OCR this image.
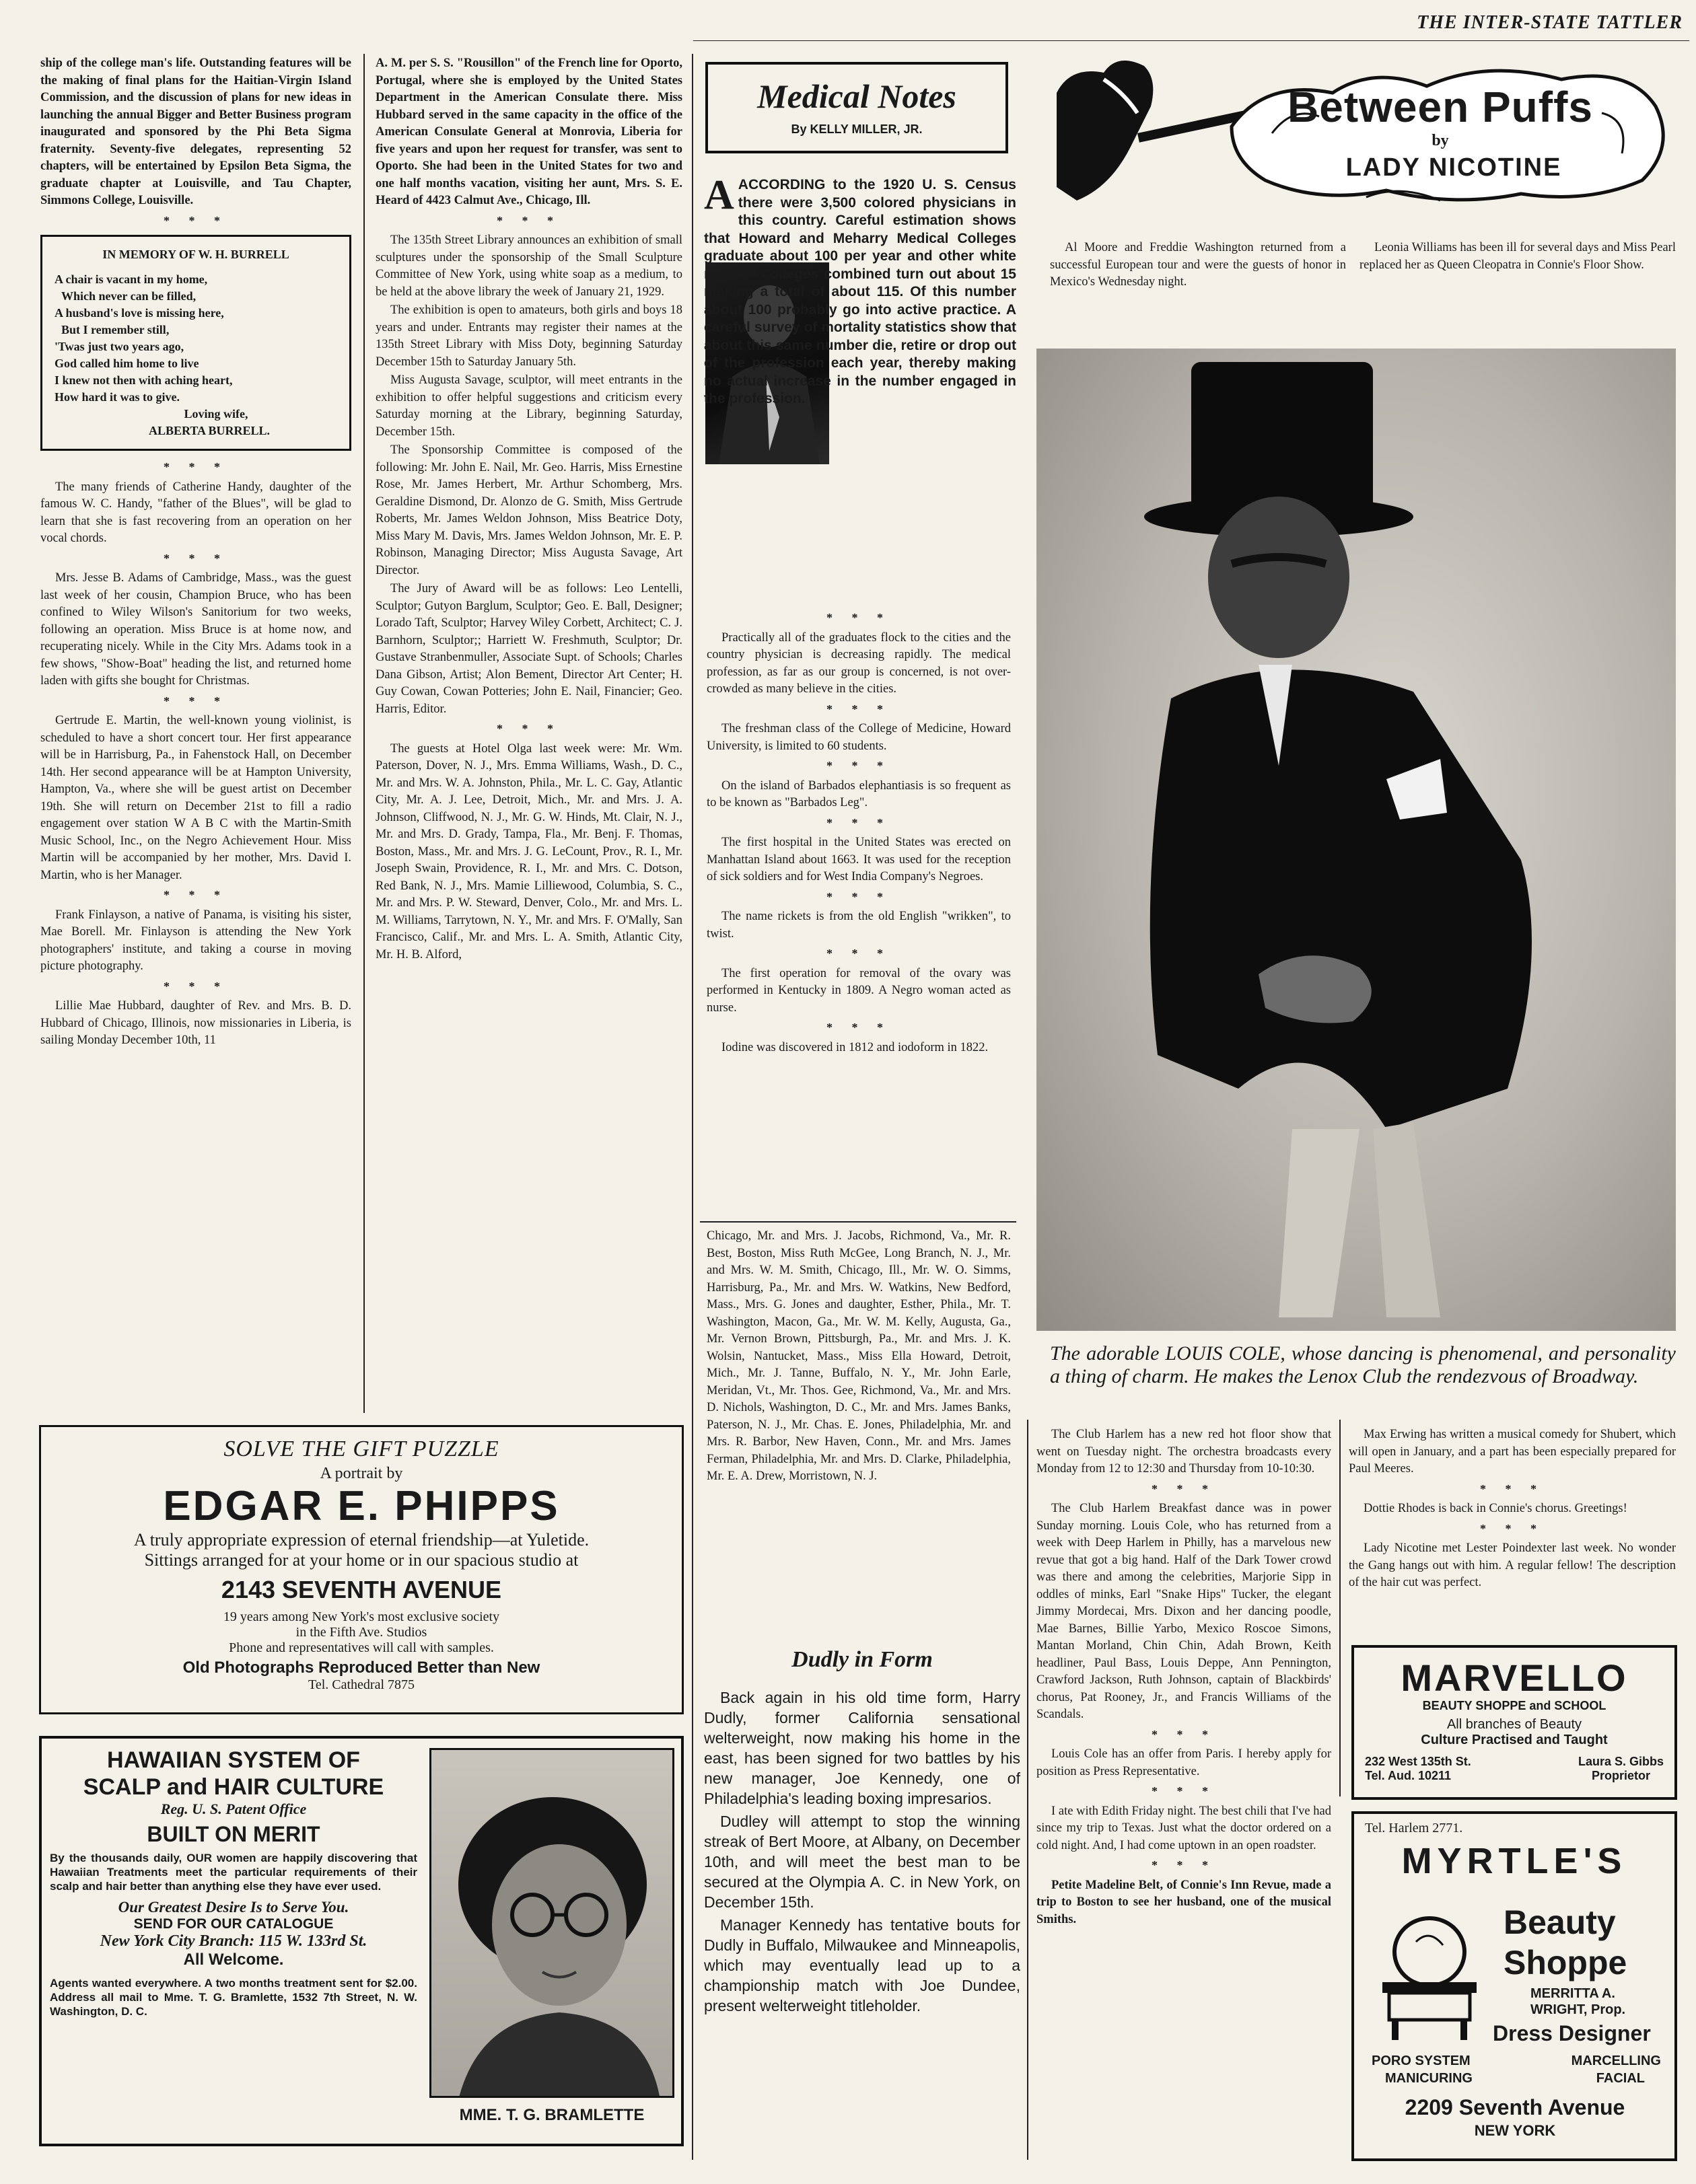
THE INTER-STATE TATTLER

ship of the college man's life. Outstanding features will be the making of final plans for the Haitian-Virgin Island Commission, and the discussion of plans for new ideas in launching the annual Bigger and Better Business program inaugurated and sponsored by the Phi Beta Sigma fraternity. Seventy-five delegates, representing 52 chapters, will be entertained by Epsilon Beta Sigma, the graduate chapter at Louisville, and Tau Chapter, Simmons College, Louisville.

* * *
IN MEMORY OF W. H. BURRELL
A chair is vacant in my home,
Which never can be filled,
A husband's love is missing here,
But I remember still,
'Twas just two years ago,
God called him home to live
I knew not then with aching heart,
How hard it was to give.
Loving wife,
ALBERTA BURRELL.
* * *

The many friends of Catherine Handy, daughter of the famous W. C. Handy, "father of the Blues", will be glad to learn that she is fast recovering from an operation on her vocal chords.

* * *

Mrs. Jesse B. Adams of Cambridge, Mass., was the guest last week of her cousin, Champion Bruce, who has been confined to Wiley Wilson's Sanitorium for two weeks, following an operation. Miss Bruce is at home now, and recuperating nicely. While in the City Mrs. Adams took in a few shows, "Show-Boat" heading the list, and returned home laden with gifts she bought for Christmas.

* * *

Gertrude E. Martin, the well-known young violinist, is scheduled to have a short concert tour. Her first appearance will be in Harrisburg, Pa., in Fahenstock Hall, on December 14th. Her second appearance will be at Hampton University, Hampton, Va., where she will be guest artist on December 19th. She will return on December 21st to fill a radio engagement over station W A B C with the Martin-Smith Music School, Inc., on the Negro Achievement Hour. Miss Martin will be accompanied by her mother, Mrs. David I. Martin, who is her Manager.

* * *

Frank Finlayson, a native of Panama, is visiting his sister, Mae Borell. Mr. Finlayson is attending the New York photographers' institute, and taking a course in moving picture photography.

* * *

Lillie Mae Hubbard, daughter of Rev. and Mrs. B. D. Hubbard of Chicago, Illinois, now missionaries in Liberia, is sailing Monday December 10th, 11

A. M. per S. S. "Rousillon" of the French line for Oporto, Portugal, where she is employed by the United States Department in the American Consulate there. Miss Hubbard served in the same capacity in the office of the American Consulate General at Monrovia, Liberia for five years and upon her request for transfer, was sent to Oporto. She had been in the United States for two and one half months vacation, visiting her aunt, Mrs. S. E. Heard of 4423 Calmut Ave., Chicago, Ill.

* * *

The 135th Street Library announces an exhibition of small sculptures under the sponsorship of the Small Sculpture Committee of New York, using white soap as a medium, to be held at the above library the week of January 21, 1929.

The exhibition is open to amateurs, both girls and boys 18 years and under. Entrants may register their names at the 135th Street Library with Miss Doty, beginning Saturday December 15th to Saturday January 5th.

Miss Augusta Savage, sculptor, will meet entrants in the exhibition to offer helpful suggestions and criticism every Saturday morning at the Library, beginning Saturday, December 15th.

The Sponsorship Committee is composed of the following: Mr. John E. Nail, Mr. Geo. Harris, Miss Ernestine Rose, Mr. James Herbert, Mr. Arthur Schomberg, Mrs. Geraldine Dismond, Dr. Alonzo de G. Smith, Miss Gertrude Roberts, Mr. James Weldon Johnson, Miss Beatrice Doty, Miss Mary M. Davis, Mrs. James Weldon Johnson, Mr. E. P. Robinson, Managing Director; Miss Augusta Savage, Art Director.

The Jury of Award will be as follows: Leo Lentelli, Sculptor; Gutyon Barglum, Sculptor; Geo. E. Ball, Designer; Lorado Taft, Sculptor; Harvey Wiley Corbett, Architect; C. J. Barnhorn, Sculptor;; Harriett W. Freshmuth, Sculptor; Dr. Gustave Stranbenmuller, Associate Supt. of Schools; Charles Dana Gibson, Artist; Alon Bement, Director Art Center; H. Guy Cowan, Cowan Potteries; John E. Nail, Financier; Geo. Harris, Editor.

* * *

The guests at Hotel Olga last week were: Mr. Wm. Paterson, Dover, N. J., Mrs. Emma Williams, Wash., D. C., Mr. and Mrs. W. A. Johnston, Phila., Mr. L. C. Gay, Atlantic City, Mr. A. J. Lee, Detroit, Mich., Mr. and Mrs. J. A. Johnson, Cliffwood, N. J., Mr. G. W. Hinds, Mt. Clair, N. J., Mr. and Mrs. D. Grady, Tampa, Fla., Mr. Benj. F. Thomas, Boston, Mass., Mr. and Mrs. J. G. LeCount, Prov., R. I., Mr. Joseph Swain, Providence, R. I., Mr. and Mrs. C. Dotson, Red Bank, N. J., Mrs. Mamie Lilliewood, Columbia, S. C., Mr. and Mrs. P. W. Steward, Denver, Colo., Mr. and Mrs. L. M. Williams, Tarrytown, N. Y., Mr. and Mrs. F. O'Mally, San Francisco, Calif., Mr. and Mrs. L. A. Smith, Atlantic City, Mr. H. B. Alford,

Medical Notes
By KELLY MILLER, JR.
A ACCORDING to the 1920 U. S. Census there were 3,500 colored physicians in this country. Careful estimation shows that Howard and Meharry Medical Colleges graduate about 100 per year and other white medical colleges combined turn out about 15 making a total of about 115. Of this number about 100 probably go into active practice. A careful survey of mortality statistics show that about this same number die, retire or drop out of the profession each year, thereby making no actual increase in the number engaged in the profession.
* * *

Practically all of the graduates flock to the cities and the country physician is decreasing rapidly. The medical profession, as far as our group is concerned, is not over-crowded as many believe in the cities.

* * *

The freshman class of the College of Medicine, Howard University, is limited to 60 students.

* * *

On the island of Barbados elephantiasis is so frequent as to be known as "Barbados Leg".

* * *

The first hospital in the United States was erected on Manhattan Island about 1663. It was used for the reception of sick soldiers and for West India Company's Negroes.

* * *

The name rickets is from the old English "wrikken", to twist.

* * *

The first operation for removal of the ovary was performed in Kentucky in 1809. A Negro woman acted as nurse.

* * *

Iodine was discovered in 1812 and iodoform in 1822.

Chicago, Mr. and Mrs. J. Jacobs, Richmond, Va., Mr. R. Best, Boston, Miss Ruth McGee, Long Branch, N. J., Mr. and Mrs. W. M. Smith, Chicago, Ill., Mr. W. O. Simms, Harrisburg, Pa., Mr. and Mrs. W. Watkins, New Bedford, Mass., Mrs. G. Jones and daughter, Esther, Phila., Mr. T. Washington, Macon, Ga., Mr. W. M. Kelly, Augusta, Ga., Mr. Vernon Brown, Pittsburgh, Pa., Mr. and Mrs. J. K. Wolsin, Nantucket, Mass., Miss Ella Howard, Detroit, Mich., Mr. J. Tanne, Buffalo, N. Y., Mr. John Earle, Meridan, Vt., Mr. Thos. Gee, Richmond, Va., Mr. and Mrs. D. Nichols, Washington, D. C., Mr. and Mrs. James Banks, Paterson, N. J., Mr. Chas. E. Jones, Philadelphia, Mr. and Mrs. R. Barbor, New Haven, Conn., Mr. and Mrs. James Ferman, Philadelphia, Mr. and Mrs. D. Clarke, Philadelphia, Mr. E. A. Drew, Morristown, N. J.

Dudly in Form

Back again in his old time form, Harry Dudly, former California sensational welterweight, now making his home in the east, has been signed for two battles by his new manager, Joe Kennedy, one of Philadelphia's leading boxing impresarios.

Dudley will attempt to stop the winning streak of Bert Moore, at Albany, on December 10th, and will meet the best man to be secured at the Olympia A. C. in New York, on December 15th.

Manager Kennedy has tentative bouts for Dudly in Buffalo, Milwaukee and Minneapolis, which may eventually lead up to a championship match with Joe Dundee, present welterweight titleholder.

Between Puffs
by
LADY NICOTINE

Al Moore and Freddie Washington returned from a successful European tour and were the guests of honor in Mexico's Wednesday night.

Leonia Williams has been ill for several days and Miss Pearl replaced her as Queen Cleopatra in Connie's Floor Show.

The adorable LOUIS COLE, whose dancing is phenomenal, and personality a thing of charm. He makes the Lenox Club the rendezvous of Broadway.

The Club Harlem has a new red hot floor show that went on Tuesday night. The orchestra broadcasts every Monday from 12 to 12:30 and Thursday from 10-10:30.

* * *

The Club Harlem Breakfast dance was in power Sunday morning. Louis Cole, who has returned from a week with Deep Harlem in Philly, has a marvelous new revue that got a big hand. Half of the Dark Tower crowd was there and among the celebrities, Marjorie Sipp in oddles of minks, Earl "Snake Hips" Tucker, the elegant Jimmy Mordecai, Mrs. Dixon and her dancing poodle, Mae Barnes, Billie Yarbo, Mexico Roscoe Simons, Mantan Morland, Chin Chin, Adah Brown, Keith headliner, Paul Bass, Louis Deppe, Ann Pennington, Crawford Jackson, Ruth Johnson, captain of Blackbirds' chorus, Pat Rooney, Jr., and Francis Williams of the Scandals.

* * *

Louis Cole has an offer from Paris. I hereby apply for position as Press Representative.

* * *

I ate with Edith Friday night. The best chili that I've had since my trip to Texas. Just what the doctor ordered on a cold night. And, I had come uptown in an open roadster.

* * *

Petite Madeline Belt, of Connie's Inn Revue, made a trip to Boston to see her husband, one of the musical Smiths.

Max Erwing has written a musical comedy for Shubert, which will open in January, and a part has been especially prepared for Paul Meeres.

* * *

Dottie Rhodes is back in Connie's chorus. Greetings!

* * *

Lady Nicotine met Lester Poindexter last week. No wonder the Gang hangs out with him. A regular fellow! The description of the hair cut was perfect.

MARVELLO
BEAUTY SHOPPE and SCHOOL
All branches of Beauty
Culture Practised and Taught
232 West 135th St.	Laura S. Gibbs
Tel. Aud. 10211	Proprietor
Tel. Harlem 2771.
MYRTLE'S
Beauty
Shoppe
MERRITTA A.
WRIGHT, Prop.
Dress Designer
PORO SYSTEM	MARCELLING
MANICURING	FACIAL
2209 Seventh Avenue
NEW YORK
SOLVE THE GIFT PUZZLE
A portrait by
EDGAR E. PHIPPS
A truly appropriate expression of eternal friendship—at Yuletide.
Sittings arranged for at your home or in our spacious studio at
2143 SEVENTH AVENUE
19 years among New York's most exclusive society
in the Fifth Ave. Studios
Phone and representatives will call with samples.
Old Photographs Reproduced Better than New
Tel. Cathedral 7875
HAWAIIAN SYSTEM OF
SCALP and HAIR CULTURE
Reg. U. S. Patent Office
BUILT ON MERIT
By the thousands daily, OUR women are happily discovering that Hawaiian Treatments meet the particular requirements of their scalp and hair better than anything else they have ever used.
Our Greatest Desire Is to Serve You.
SEND FOR OUR CATALOGUE
New York City Branch: 115 W. 133rd St.
All Welcome.
Agents wanted everywhere. A two months treatment sent for $2.00. Address all mail to Mme. T. G. Bramlette, 1532 7th Street, N. W. Washington, D. C.
MME. T. G. BRAMLETTE
